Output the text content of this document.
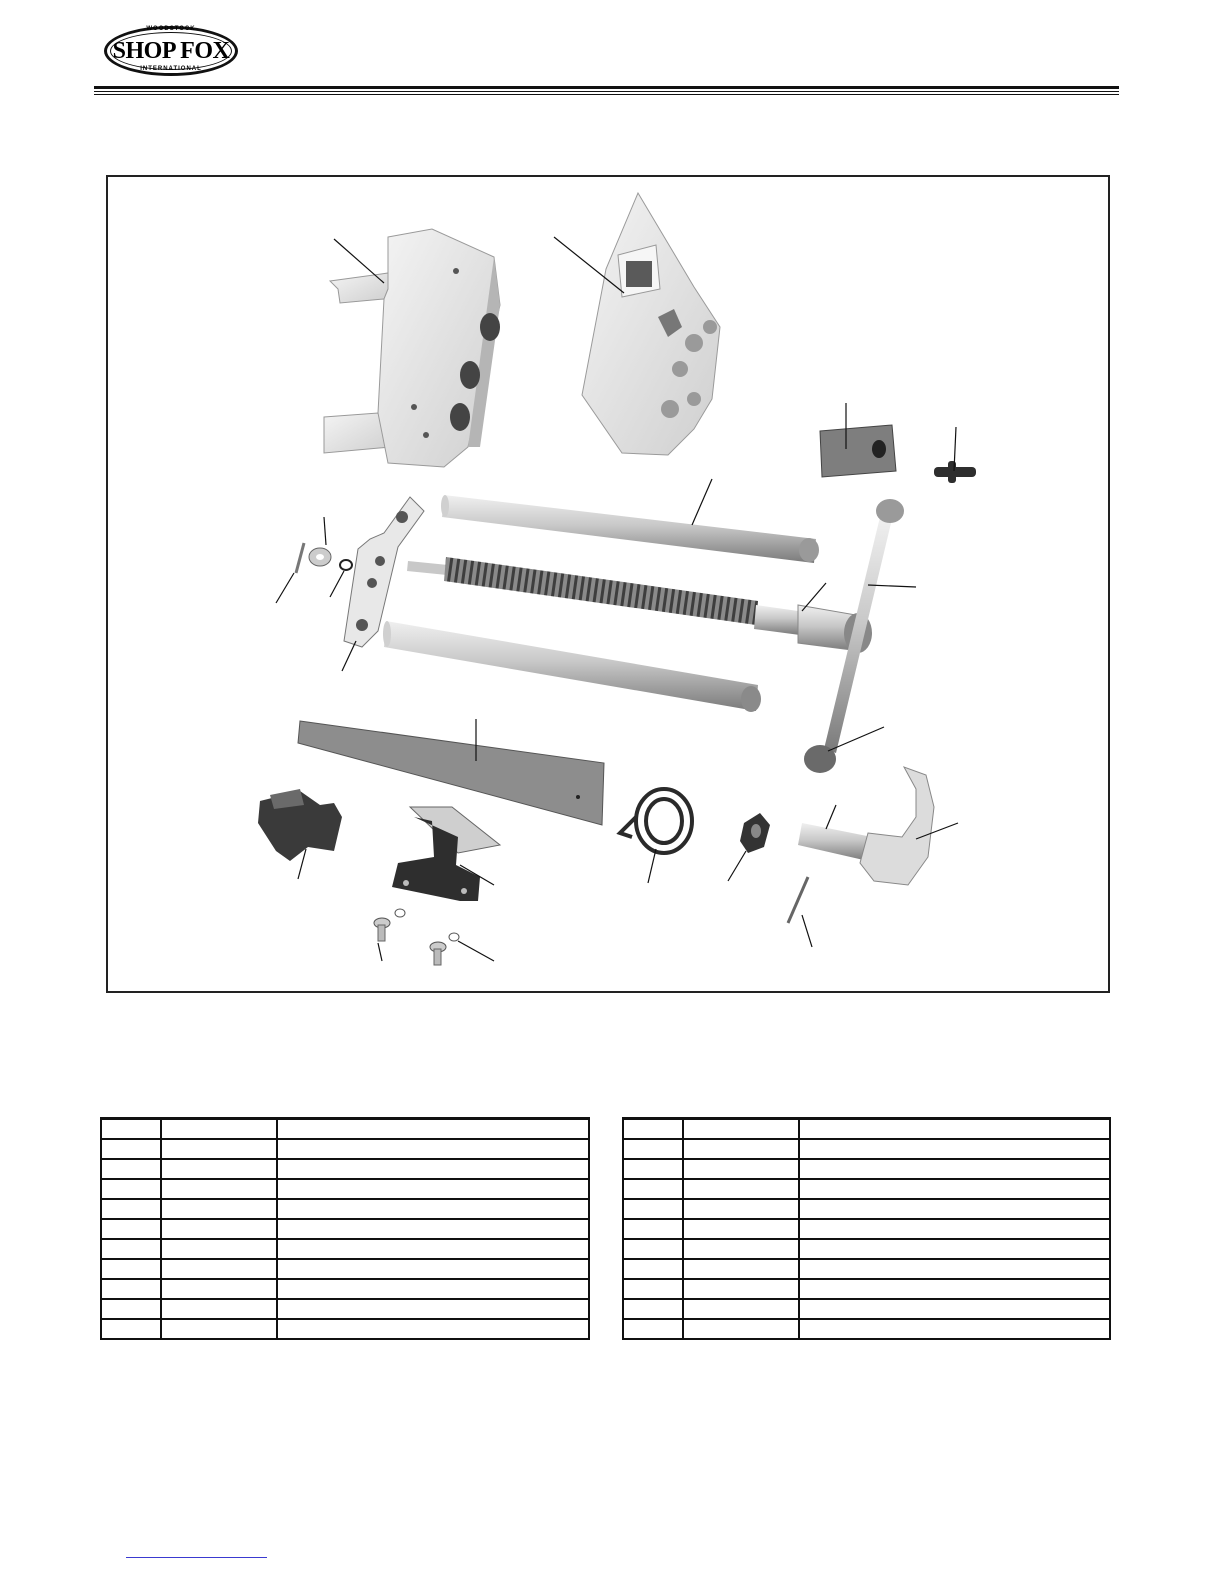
WOODSTOCK
SHOP FOX
INTERNATIONAL
